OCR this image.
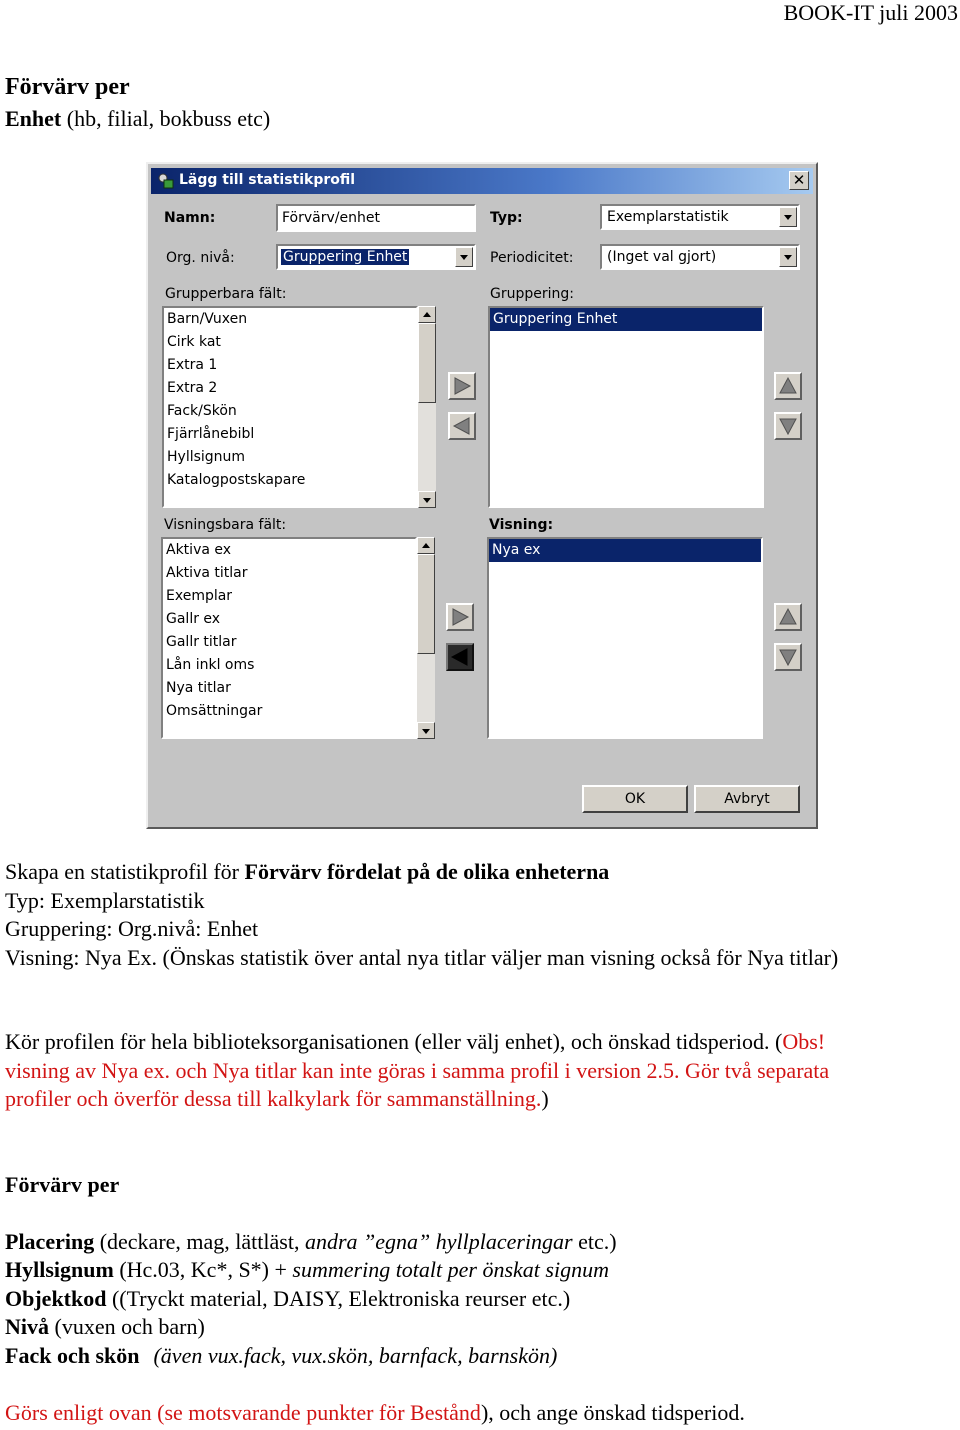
BOOK-IT juli 2003
Förvärv per
Enhet (hb, filial, bokbuss etc)
Lägg till statistikprofil	✕
Namn:	Förvärv/enhet	Typ:	Exemplarstatistik
Org. nivå:	Gruppering Enhet	Periodicitet: (Inget val gjort)
Grupperbara fält:
Barn/Vuxen
Cirk kat
Extra 1
Extra 2
Fack/Skön
Fjärrlånebibl
Hyllsignum
Katalogpostskapare
Gruppering:
Gruppering Enhet
Visningsbara fält:
Aktiva ex
Aktiva titlar
Exemplar
Gallr ex
Gallr titlar
Lån inkl oms
Nya titlar
Omsättningar
Visning:
Nya ex
OK	Avbryt
Skapa en statistikprofil för Förvärv fördelat på de olika enheterna
Typ: Exemplarstatistik
Gruppering: Org.nivå: Enhet
Visning: Nya Ex. (Önskas statistik över antal nya titlar väljer man visning också för Nya titlar)
Kör profilen för hela biblioteksorganisationen (eller välj enhet), och önskad tidsperiod. (Obs!
visning av Nya ex. och Nya titlar kan inte göras i samma profil i version 2.5. Gör två separata
profiler och överför dessa till kalkylark för sammanställning.)
Förvärv per
Placering (deckare, mag, lättläst, andra ”egna” hyllplaceringar etc.)
Hyllsignum (Hc.03, Kc*, S*) + summering totalt per önskat signum
Objektkod ((Tryckt material, DAISY, Elektroniska reurser etc.)
Nivå (vuxen och barn)
Fack och skön (även vux.fack, vux.skön, barnfack, barnskön)
Görs enligt ovan (se motsvarande punkter för Bestånd), och ange önskad tidsperiod.
